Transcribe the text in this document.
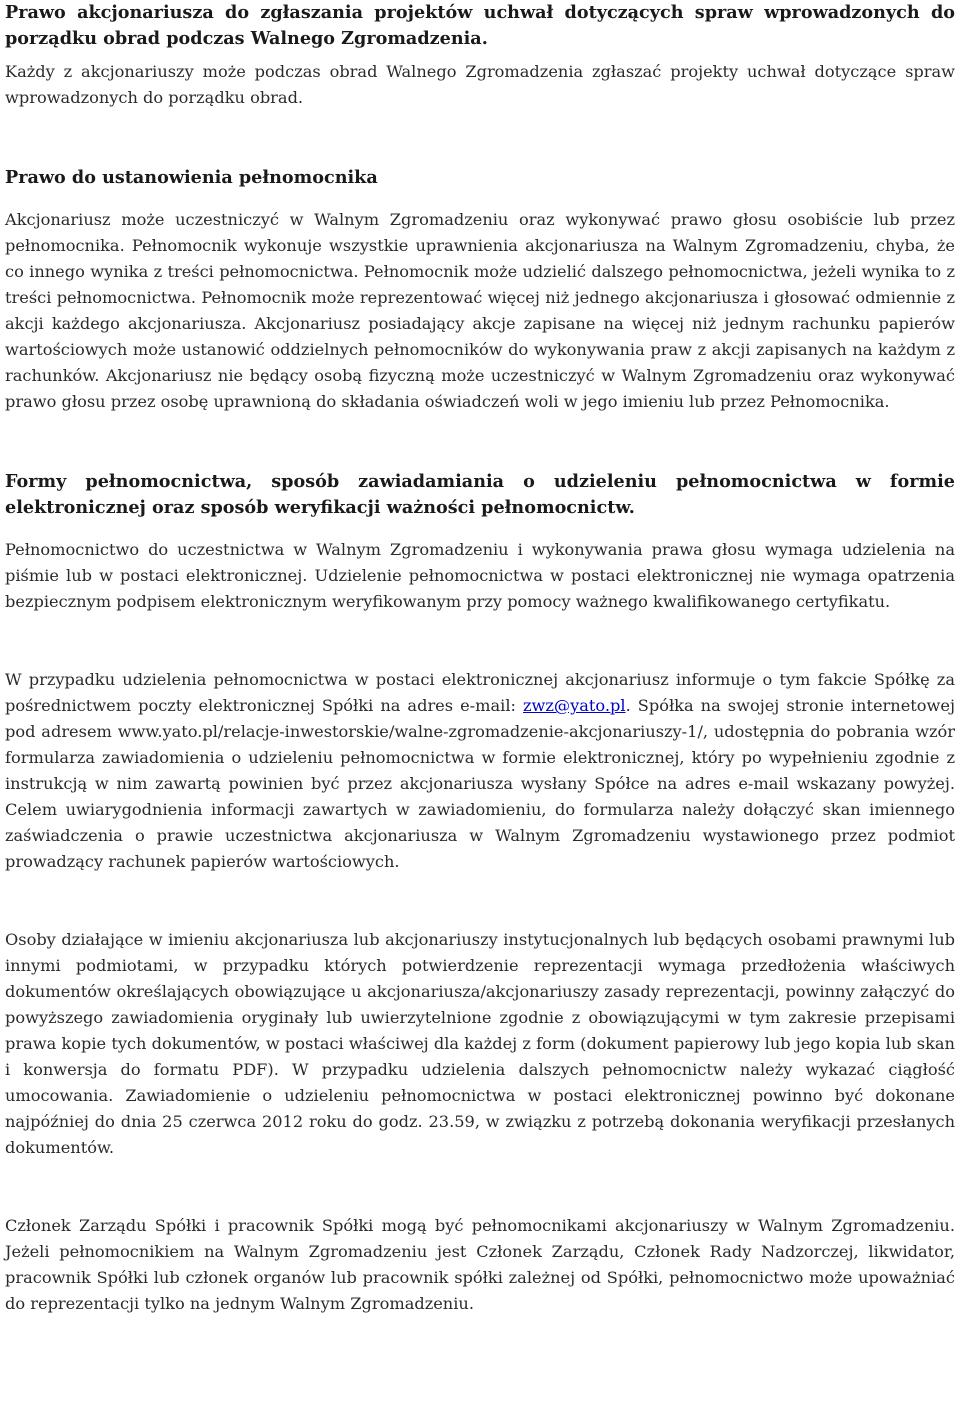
Prawo akcjonariusza do zgłaszania projektów uchwał dotyczących spraw wprowadzonych do porządku obrad podczas Walnego Zgromadzenia.

Każdy z akcjonariuszy może podczas obrad Walnego Zgromadzenia zgłaszać projekty uchwał dotyczące spraw wprowadzonych do porządku obrad.

Prawo do ustanowienia pełnomocnika

Akcjonariusz może uczestniczyć w Walnym Zgromadzeniu oraz wykonywać prawo głosu osobiście lub przez pełnomocnika. Pełnomocnik wykonuje wszystkie uprawnienia akcjonariusza na Walnym Zgromadzeniu, chyba, że co innego wynika z treści pełnomocnictwa. Pełnomocnik może udzielić dalszego pełnomocnictwa, jeżeli wynika to z treści pełnomocnictwa. Pełnomocnik może reprezentować więcej niż jednego akcjonariusza i głosować odmiennie z akcji każdego akcjonariusza. Akcjonariusz posiadający akcje zapisane na więcej niż jednym rachunku papierów wartościowych może ustanowić oddzielnych pełnomocników do wykonywania praw z akcji zapisanych na każdym z rachunków. Akcjonariusz nie będący osobą fizyczną może uczestniczyć w Walnym Zgromadzeniu oraz wykonywać prawo głosu przez osobę uprawnioną do składania oświadczeń woli w jego imieniu lub przez Pełnomocnika.

Formy pełnomocnictwa, sposób zawiadamiania o udzieleniu pełnomocnictwa w formie elektronicznej oraz sposób weryfikacji ważności pełnomocnictw.

Pełnomocnictwo do uczestnictwa w Walnym Zgromadzeniu i wykonywania prawa głosu wymaga udzielenia na piśmie lub w postaci elektronicznej. Udzielenie pełnomocnictwa w postaci elektronicznej nie wymaga opatrzenia bezpiecznym podpisem elektronicznym weryfikowanym przy pomocy ważnego kwalifikowanego certyfikatu.

W przypadku udzielenia pełnomocnictwa w postaci elektronicznej akcjonariusz informuje o tym fakcie Spółkę za pośrednictwem poczty elektronicznej Spółki na adres e-mail: zwz@yato.pl. Spółka na swojej stronie internetowej pod adresem www.yato.pl/relacje-inwestorskie/walne-zgromadzenie-akcjonariuszy-1/, udostępnia do pobrania wzór formularza zawiadomienia o udzieleniu pełnomocnictwa w formie elektronicznej, który po wypełnieniu zgodnie z instrukcją w nim zawartą powinien być przez akcjonariusza wysłany Spółce na adres e-mail wskazany powyżej. Celem uwiarygodnienia informacji zawartych w zawiadomieniu, do formularza należy dołączyć skan imiennego zaświadczenia o prawie uczestnictwa akcjonariusza w Walnym Zgromadzeniu wystawionego przez podmiot prowadzący rachunek papierów wartościowych.

Osoby działające w imieniu akcjonariusza lub akcjonariuszy instytucjonalnych lub będących osobami prawnymi lub innymi podmiotami, w przypadku których potwierdzenie reprezentacji wymaga przedłożenia właściwych dokumentów określających obowiązujące u akcjonariusza/akcjonariuszy zasady reprezentacji, powinny załączyć do powyższego zawiadomienia oryginały lub uwierzytelnione zgodnie z obowiązującymi w tym zakresie przepisami prawa kopie tych dokumentów, w postaci właściwej dla każdej z form (dokument papierowy lub jego kopia lub skan i konwersja do formatu PDF). W przypadku udzielenia dalszych pełnomocnictw należy wykazać ciągłość umocowania. Zawiadomienie o udzieleniu pełnomocnictwa w postaci elektronicznej powinno być dokonane najpóźniej do dnia 25 czerwca 2012 roku do godz. 23.59, w związku z potrzebą dokonania weryfikacji przesłanych dokumentów.

Członek Zarządu Spółki i pracownik Spółki mogą być pełnomocnikami akcjonariuszy w Walnym Zgromadzeniu. Jeżeli pełnomocnikiem na Walnym Zgromadzeniu jest Członek Zarządu, Członek Rady Nadzorczej, likwidator, pracownik Spółki lub członek organów lub pracownik spółki zależnej od Spółki, pełnomocnictwo może upoważniać do reprezentacji tylko na jednym Walnym Zgromadzeniu.
